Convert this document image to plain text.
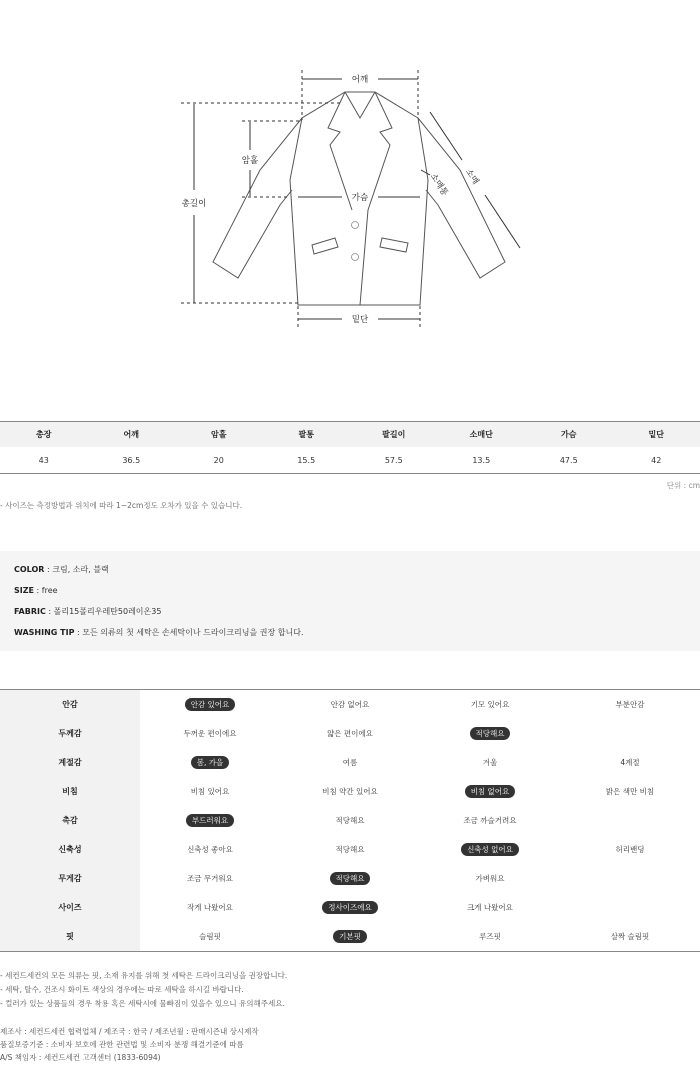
어깨
총길이
암홀
가슴
밑단
소매
소매통
총장	어깨	암홀	팔통	팔길이	소매단	가슴	밑단
43	36.5	20	15.5	57.5	13.5	47.5	42
단위 : cm
- 사이즈는 측정방법과 위치에 따라 1~2cm정도 오차가 있을 수 있습니다.
COLOR : 크림, 소라, 블랙
SIZE : free
FABRIC : 폴리15폴리우레탄50레이온35
WASHING TIP : 모든 의류의 첫 세탁은 손세탁이나 드라이크리닝을 권장 합니다.
안감	안감 있어요	안감 없어요	기모 있어요	부분안감
두께감	두꺼운 편이에요	얇은 편이에요	적당해요
계절감	봄, 가을	여름	겨울	4계절
비침	비침 있어요	비침 약간 있어요	비침 없어요	밝은 색만 비침
촉감	부드러워요	적당해요	조금 까슬거려요
신축성	신축성 좋아요	적당해요	신축성 없어요	허리밴딩
무게감	조금 무거워요	적당해요	가벼워요
사이즈	작게 나왔어요	정사이즈에요	크게 나왔어요
핏	슬림핏	기본핏	루즈핏	살짝 슬림핏
- 세컨드세컨의 모든 의류는 핏, 소재 유지를 위해 첫 세탁은 드라이크리닝을 권장합니다.
- 세탁, 탈수, 건조시 화이트 색상의 경우에는 따로 세탁을 하시길 바랍니다.
- 컬러가 있는 상품들의 경우 착용 혹은 세탁시에 물빠짐이 있을수 있으니 유의해주세요.
제조사 : 세컨드세컨 협력업체 / 제조국 : 한국 / 제조년월 : 판매시즌내 상시제작
품질보증기준 : 소비자 보호에 관한 관련법 및 소비자 분쟁 해결기준에 따름
A/S 책임자 : 세컨드세컨 고객센터 (1833-6094)
